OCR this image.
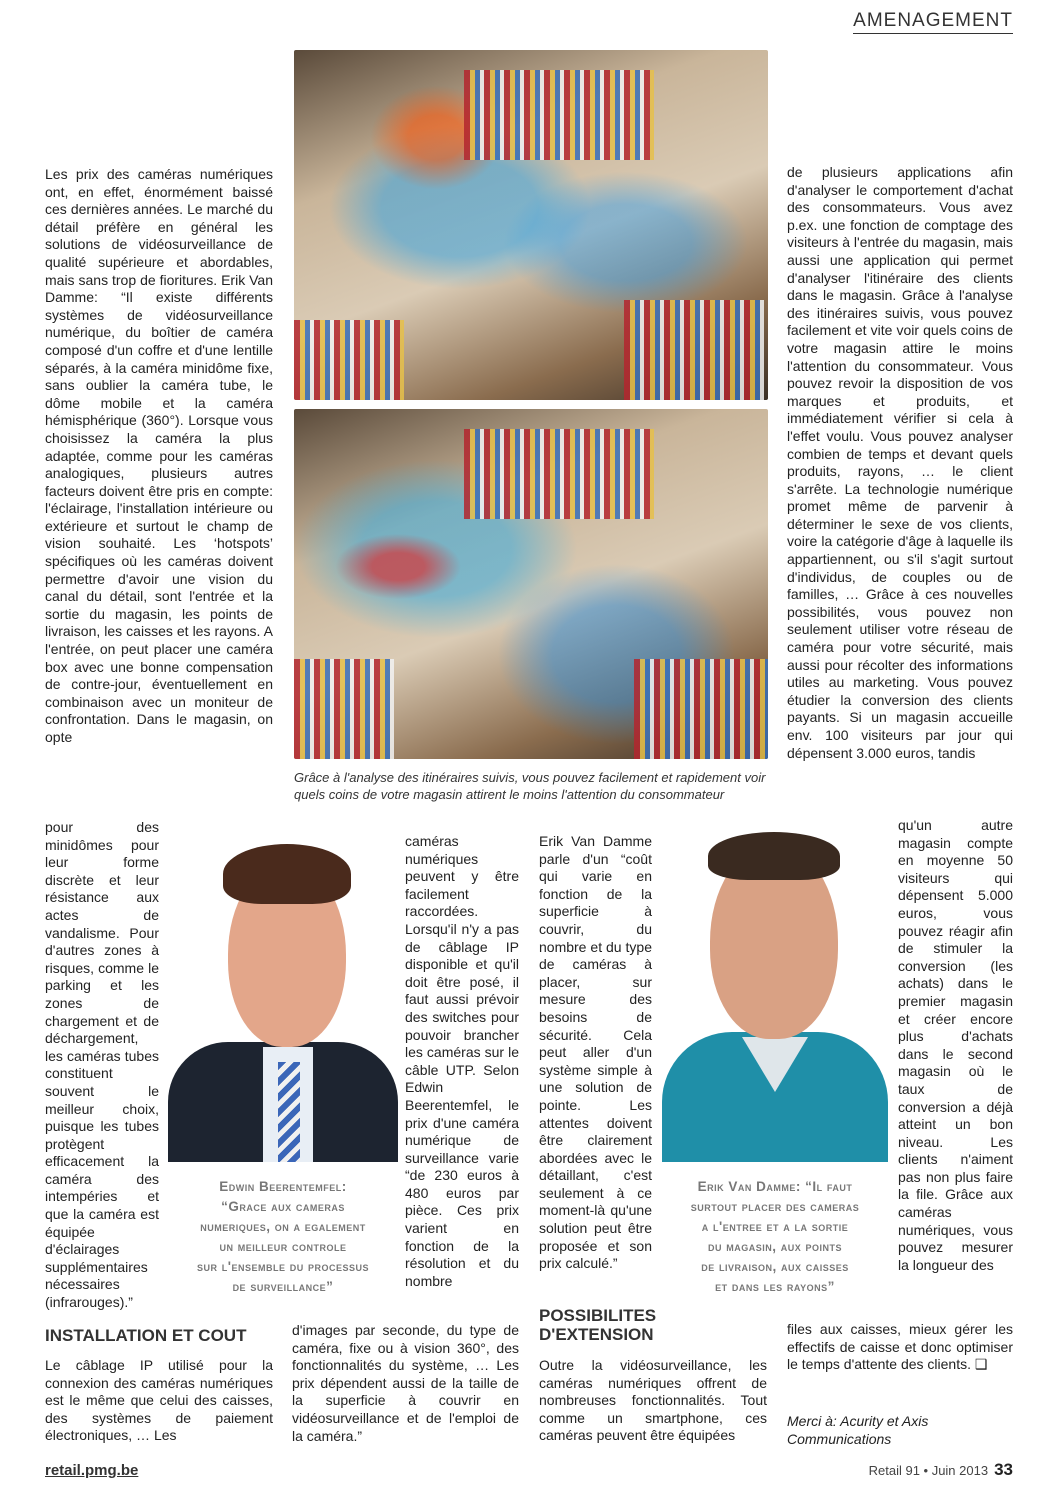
AMENAGEMENT
Grâce à l'analyse des itinéraires suivis, vous pouvez facilement et rapidement voir quels coins de votre magasin attirent le moins l'attention du consommateur
Les prix des caméras numériques ont, en effet, énormément baissé ces dernières années. Le marché du détail préfère en général les solutions de vidéosurveillance de qualité supérieure et abordables, mais sans trop de fioritures. Erik Van Damme: “Il existe différents systèmes de vidéosurveillance numérique, du boîtier de caméra composé d'un coffre et d'une lentille séparés, à la caméra minidôme fixe, sans oublier la caméra tube, le dôme mobile et la caméra hémisphérique (360°). Lorsque vous choisissez la caméra la plus adaptée, comme pour les caméras analogiques, plusieurs autres facteurs doivent être pris en compte: l'éclairage, l'installation intérieure ou extérieure et surtout le champ de vision souhaité. Les ‘hotspots’ spécifiques où les caméras doivent permettre d'avoir une vision du canal du détail, sont l'entrée et la sortie du magasin, les points de livraison, les caisses et les rayons. A l'entrée, on peut placer une caméra box avec une bonne compensation de contre-jour, éventuellement en combinaison avec un moniteur de confrontation. Dans le magasin, on opte
pour des minidômes pour leur forme discrète et leur résistance aux actes de vandalisme. Pour d'autres zones à risques, comme le parking et les zones de chargement et de déchargement, les caméras tubes constituent souvent le meilleur choix, puisque les tubes protègent efficacement la caméra des intempéries et que la caméra est équipée d'éclairages supplémentaires nécessaires (infrarouges).”
INSTALLATION ET COUT
Le câblage IP utilisé pour la connexion des caméras numériques est le même que celui des caisses, des systèmes de paiement électroniques, … Les
Edwin Beerentemfel:
“Grace aux cameras
numeriques, on a egalement
un meilleur controle
sur l'ensemble du processus
de surveillance”
caméras numériques peuvent y être facilement raccordées. Lorsqu'il n'y a pas de câblage IP disponible et qu'il doit être posé, il faut aussi prévoir des switches pour pouvoir brancher les caméras sur le câble UTP. Selon Edwin Beerentemfel, le prix d'une caméra numérique de surveillance varie “de 230 euros à 480 euros par pièce. Ces prix varient en fonction de la résolution et du nombre
d'images par seconde, du type de caméra, fixe ou à vision 360°, des fonctionnalités du système, … Les prix dépendent aussi de la taille de la superficie à couvrir en vidéosurveillance et de l'emploi de la caméra.”
Erik Van Damme parle d'un “coût qui varie en fonction de la superficie à couvrir, du nombre et du type de caméras à placer, sur mesure des besoins de sécurité. Cela peut aller d'un système simple à une solution de pointe. Les attentes doivent être clairement abordées avec le détaillant, c'est seulement à ce moment-là qu'une solution peut être proposée et son prix calculé.”
POSSIBILITES D'EXTENSION
Outre la vidéosurveillance, les caméras numériques offrent de nombreuses fonctionnalités. Tout comme un smartphone, ces caméras peuvent être équipées
Erik Van Damme: “Il faut
surtout placer des cameras
a l'entree et a la sortie
du magasin, aux points
de livraison, aux caisses
et dans les rayons”
de plusieurs applications afin d'analyser le comportement d'achat des consommateurs. Vous avez p.ex. une fonction de comptage des visiteurs à l'entrée du magasin, mais aussi une application qui permet d'analyser l'itinéraire des clients dans le magasin. Grâce à l'analyse des itinéraires suivis, vous pouvez facilement et vite voir quels coins de votre magasin attire le moins l'attention du consommateur. Vous pouvez revoir la disposition de vos marques et produits, et immédiatement vérifier si cela à l'effet voulu. Vous pouvez analyser combien de temps et devant quels produits, rayons, … le client s'arrête. La technologie numérique promet même de parvenir à déterminer le sexe de vos clients, voire la catégorie d'âge à laquelle ils appartiennent, ou s'il s'agit surtout d'individus, de couples ou de familles, … Grâce à ces nouvelles possibilités, vous pouvez non seulement utiliser votre réseau de caméra pour votre sécurité, mais aussi pour récolter des informations utiles au marketing. Vous pouvez étudier la conversion des clients payants. Si un magasin accueille env. 100 visiteurs par jour qui dépensent 3.000 euros, tandis
qu'un autre magasin compte en moyenne 50 visiteurs qui dépensent 5.000 euros, vous pouvez réagir afin de stimuler la conversion (les achats) dans le premier magasin et créer encore plus d'achats dans le second magasin où le taux de conversion a déjà atteint un bon niveau. Les clients n'aiment pas non plus faire la file. Grâce aux caméras numériques, vous pouvez mesurer la longueur des
files aux caisses, mieux gérer les effectifs de caisse et donc optimiser le temps d'attente des clients. ❑
Merci à: Acurity et Axis Communications
retail.pmg.be	Retail 91 • Juin 2013 33
